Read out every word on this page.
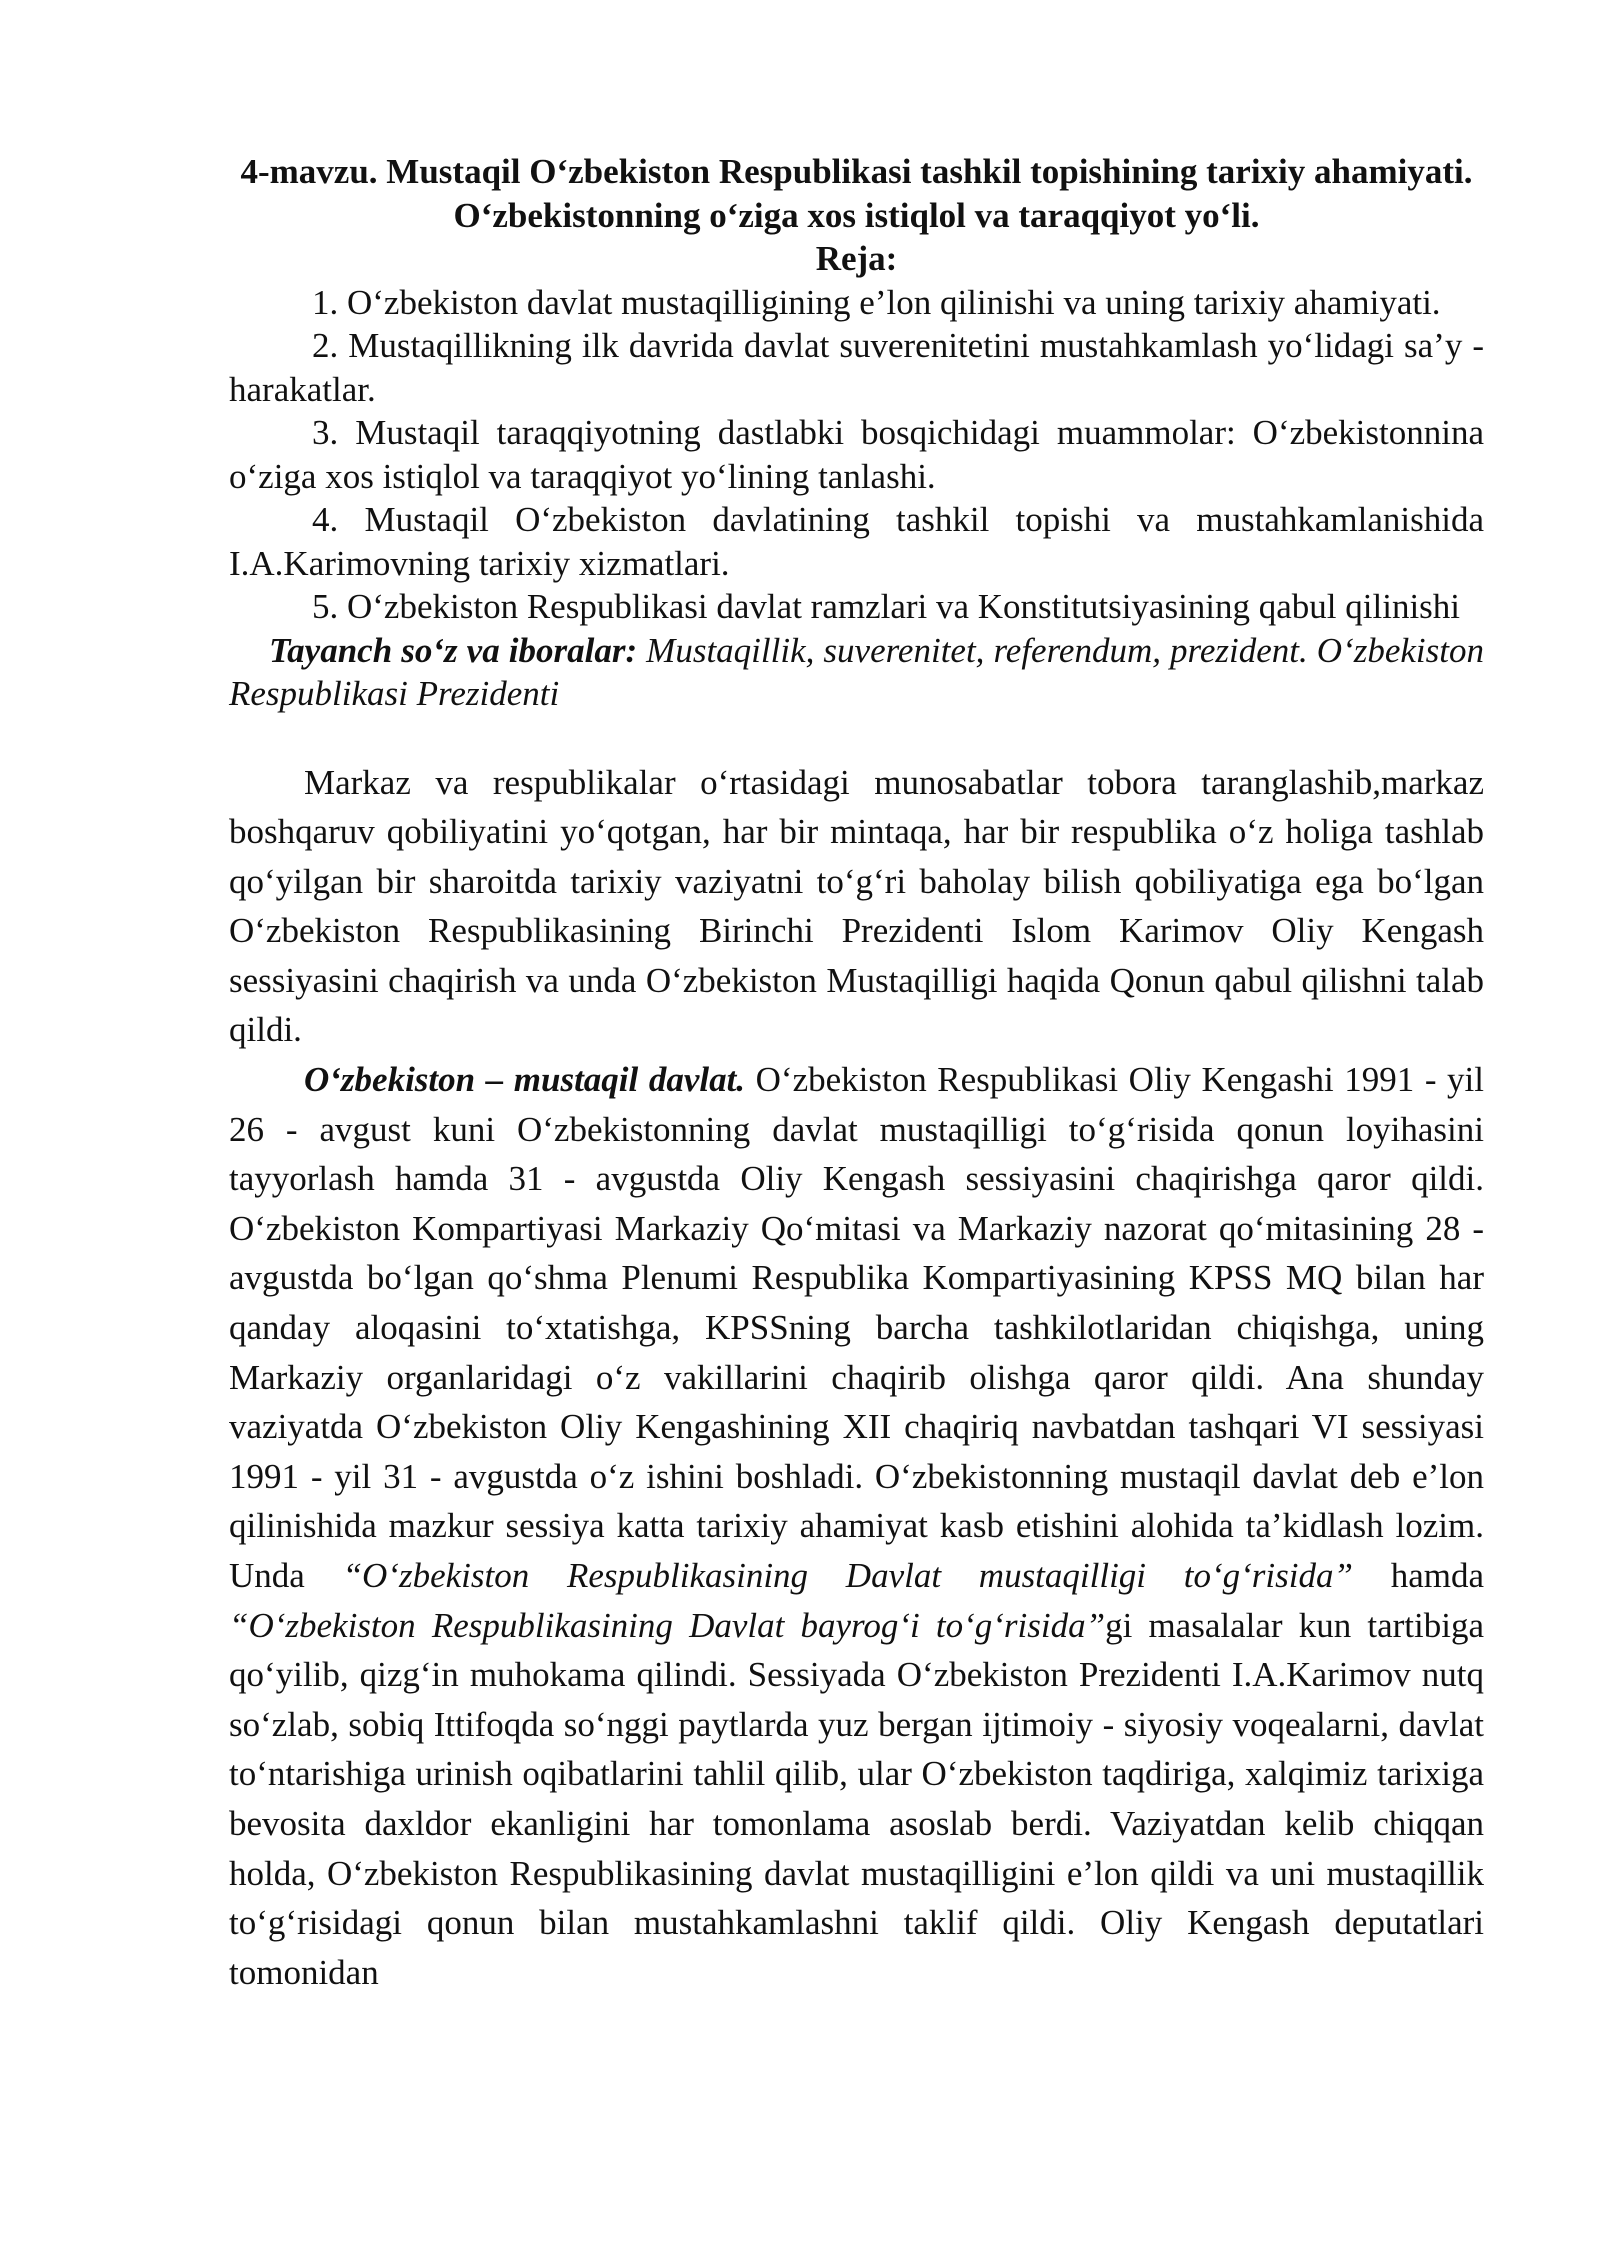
4-mavzu. Mustaqil O‘zbekiston Respublikasi tashkil topishining tarixiy ahamiyati. O‘zbekistonning o‘ziga xos istiqlol va taraqqiyot yo‘li.

Reja:

1. O‘zbekiston davlat mustaqilligining e’lon qilinishi va uning tarixiy ahamiyati.

2. Mustaqillikning ilk davrida davlat suverenitetini mustahkamlash yo‘lidagi sa’y - harakatlar.

3. Mustaqil taraqqiyotning dastlabki bosqichidagi muammolar: O‘zbekistonnina o‘ziga xos istiqlol va taraqqiyot yo‘lining tanlashi.

4. Mustaqil O‘zbekiston davlatining tashkil topishi va mustahkamlanishida I.A.Karimovning tarixiy xizmatlari.

5. O‘zbekiston Respublikasi davlat ramzlari va Konstitutsiyasining qabul qilinishi

Tayanch so‘z va iboralar: Mustaqillik, suverenitet, referendum, prezident. O‘zbekiston Respublikasi Prezidenti

Markaz va respublikalar o‘rtasidagi munosabatlar tobora taranglashib,markaz boshqaruv qobiliyatini yo‘qotgan, har bir mintaqa, har bir respublika o‘z holiga tashlab qo‘yilgan bir sharoitda tarixiy vaziyatni to‘g‘ri baholay bilish qobiliyatiga ega bo‘lgan O‘zbekiston Respublikasining Birinchi Prezidenti Islom Karimov Oliy Kengash sessiyasini chaqirish va unda O‘zbekiston Mustaqilligi haqida Qonun qabul qilishni talab qildi.

O‘zbekiston – mustaqil davlat. O‘zbekiston Respublikasi Oliy Kengashi 1991 - yil 26 - avgust kuni O‘zbekistonning davlat mustaqilligi to‘g‘risida qonun loyihasini tayyorlash hamda 31 - avgustda Oliy Kengash sessiyasini chaqirishga qaror qildi. O‘zbekiston Kompartiyasi Markaziy Qo‘mitasi va Markaziy nazorat qo‘mitasining 28 - avgustda bo‘lgan qo‘shma Plenumi Respublika Kompartiyasining KPSS MQ bilan har qanday aloqasini to‘xtatishga, KPSSning barcha tashkilotlaridan chiqishga, uning Markaziy organlaridagi o‘z vakillarini chaqirib olishga qaror qildi. Ana shunday vaziyatda O‘zbekiston Oliy Kengashining XII chaqiriq navbatdan tashqari VI sessiyasi 1991 - yil 31 - avgustda o‘z ishini boshladi. O‘zbekistonning mustaqil davlat deb e’lon qilinishida mazkur sessiya katta tarixiy ahamiyat kasb etishini alohida ta’kidlash lozim. Unda “O‘zbekiston Respublikasining Davlat mustaqilligi to‘g‘risida” hamda “O‘zbekiston Respublikasining Davlat bayrog‘i to‘g‘risida”gi masalalar kun tartibiga qo‘yilib, qizg‘in muhokama qilindi. Sessiyada O‘zbekiston Prezidenti I.A.Karimov nutq so‘zlab, sobiq Ittifoqda so‘nggi paytlarda yuz bergan ijtimoiy - siyosiy voqealarni, davlat to‘ntarishiga urinish oqibatlarini tahlil qilib, ular O‘zbekiston taqdiriga, xalqimiz tarixiga bevosita daxldor ekanligini har tomonlama asoslab berdi. Vaziyatdan kelib chiqqan holda, O‘zbekiston Respublikasining davlat mustaqilligini e’lon qildi va uni mustaqillik to‘g‘risidagi qonun bilan mustahkamlashni taklif qildi. Oliy Kengash deputatlari tomonidan
